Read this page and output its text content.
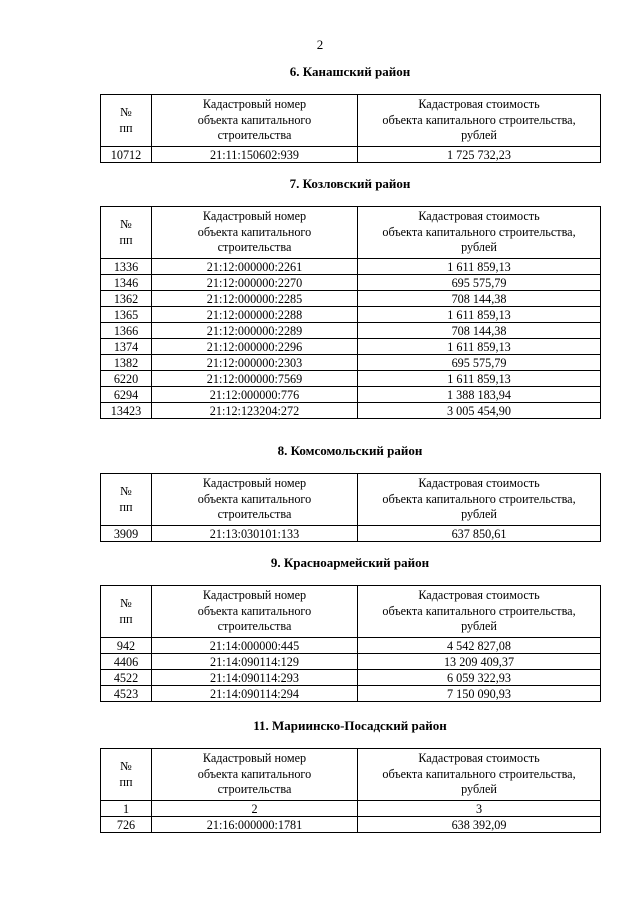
2
6. Канашский район
№
пп	Кадастровый номер
объекта капитального
строительства	Кадастровая стоимость
объекта капитального строительства,
рублей

10712	21:11:150602:939	1 725 732,23
7. Козловский район
№
пп	Кадастровый номер
объекта капитального
строительства	Кадастровая стоимость
объекта капитального строительства,
рублей

1336	21:12:000000:2261	1 611 859,13
1346	21:12:000000:2270	695 575,79
1362	21:12:000000:2285	708 144,38
1365	21:12:000000:2288	1 611 859,13
1366	21:12:000000:2289	708 144,38
1374	21:12:000000:2296	1 611 859,13
1382	21:12:000000:2303	695 575,79
6220	21:12:000000:7569	1 611 859,13
6294	21:12:000000:776	1 388 183,94
13423	21:12:123204:272	3 005 454,90
8. Комсомольский район
№
пп	Кадастровый номер
объекта капитального
строительства	Кадастровая стоимость
объекта капитального строительства,
рублей

3909	21:13:030101:133	637 850,61
9. Красноармейский район
№
пп	Кадастровый номер
объекта капитального
строительства	Кадастровая стоимость
объекта капитального строительства,
рублей

942	21:14:000000:445	4 542 827,08
4406	21:14:090114:129	13 209 409,37
4522	21:14:090114:293	6 059 322,93
4523	21:14:090114:294	7 150 090,93
11. Мариинско-Посадский район
№
пп	Кадастровый номер
объекта капитального
строительства	Кадастровая стоимость
объекта капитального строительства,
рублей

1	2	3
726	21:16:000000:1781	638 392,09
